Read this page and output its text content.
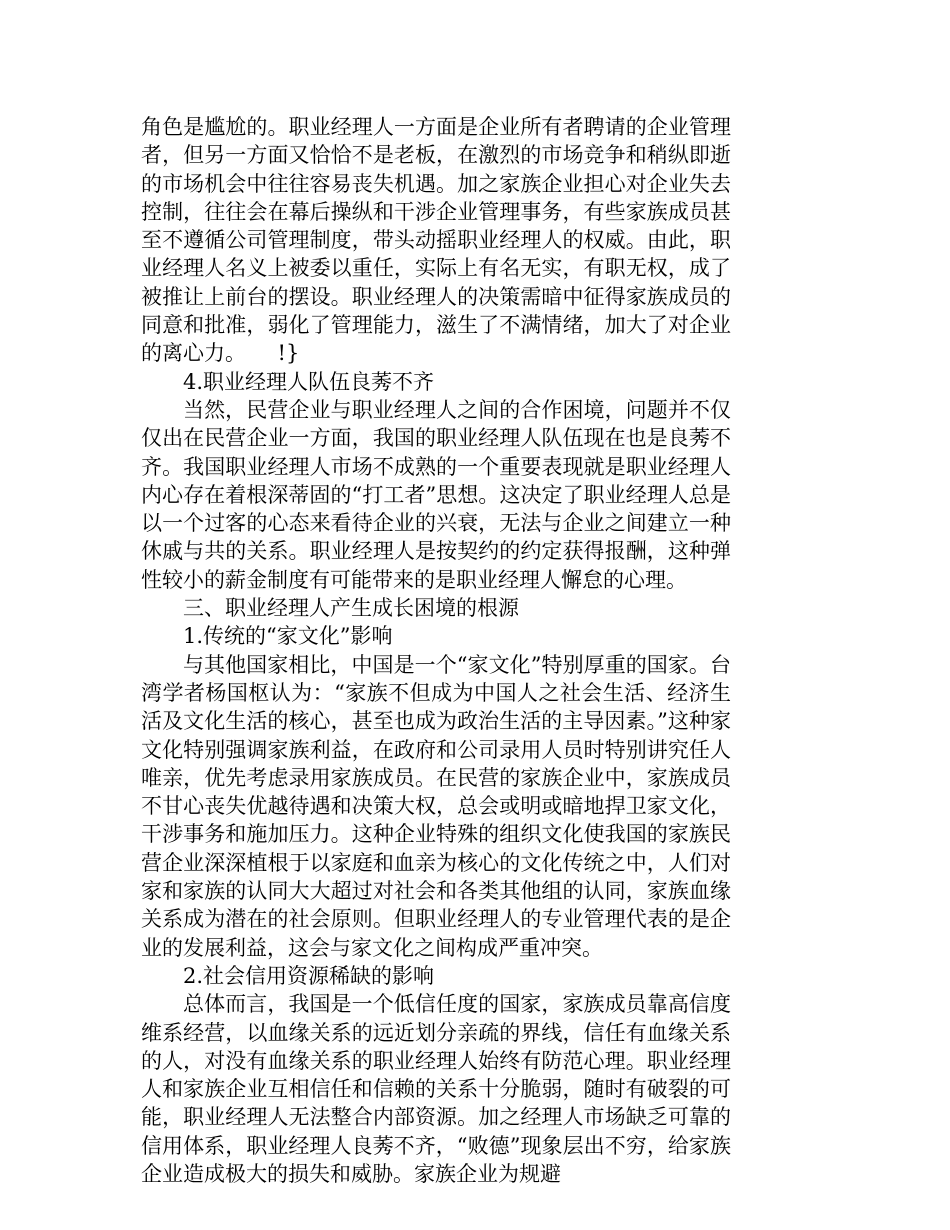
角色是尴尬的。职业经理人一方面是企业所有者聘请的企业管理者，但另一方面又恰恰不是老板，在激烈的市场竞争和稍纵即逝的市场机会中往往容易丧失机遇。加之家族企业担心对企业失去控制，往往会在幕后操纵和干涉企业管理事务，有些家族成员甚至不遵循公司管理制度，带头动摇职业经理人的权威。由此，职业经理人名义上被委以重任，实际上有名无实，有职无权，成了被推让上前台的摆设。职业经理人的决策需暗中征得家族成员的同意和批准，弱化了管理能力，滋生了不满情绪，加大了对企业的离心力。　　!}

4.职业经理人队伍良莠不齐

当然，民营企业与职业经理人之间的合作困境，问题并不仅仅出在民营企业一方面，我国的职业经理人队伍现在也是良莠不齐。我国职业经理人市场不成熟的一个重要表现就是职业经理人内心存在着根深蒂固的“打工者”思想。这决定了职业经理人总是以一个过客的心态来看待企业的兴衰，无法与企业之间建立一种休戚与共的关系。职业经理人是按契约的约定获得报酬，这种弹性较小的薪金制度有可能带来的是职业经理人懈怠的心理。

三、职业经理人产生成长困境的根源

1.传统的“家文化”影响

与其他国家相比，中国是一个“家文化”特别厚重的国家。台湾学者杨国枢认为：“家族不但成为中国人之社会生活、经济生活及文化生活的核心，甚至也成为政治生活的主导因素。”这种家文化特别强调家族利益，在政府和公司录用人员时特别讲究任人唯亲，优先考虑录用家族成员。在民营的家族企业中，家族成员不甘心丧失优越待遇和决策大权，总会或明或暗地捍卫家文化，干涉事务和施加压力。这种企业特殊的组织文化使我国的家族民营企业深深植根于以家庭和血亲为核心的文化传统之中，人们对家和家族的认同大大超过对社会和各类其他组的认同，家族血缘关系成为潜在的社会原则。但职业经理人的专业管理代表的是企业的发展利益，这会与家文化之间构成严重冲突。

2.社会信用资源稀缺的影响

总体而言，我国是一个低信任度的国家，家族成员靠高信度维系经营，以血缘关系的远近划分亲疏的界线，信任有血缘关系的人，对没有血缘关系的职业经理人始终有防范心理。职业经理人和家族企业互相信任和信赖的关系十分脆弱，随时有破裂的可能，职业经理人无法整合内部资源。加之经理人市场缺乏可靠的信用体系，职业经理人良莠不齐，“败德”现象层出不穷，给家族企业造成极大的损失和威胁。家族企业为规避
